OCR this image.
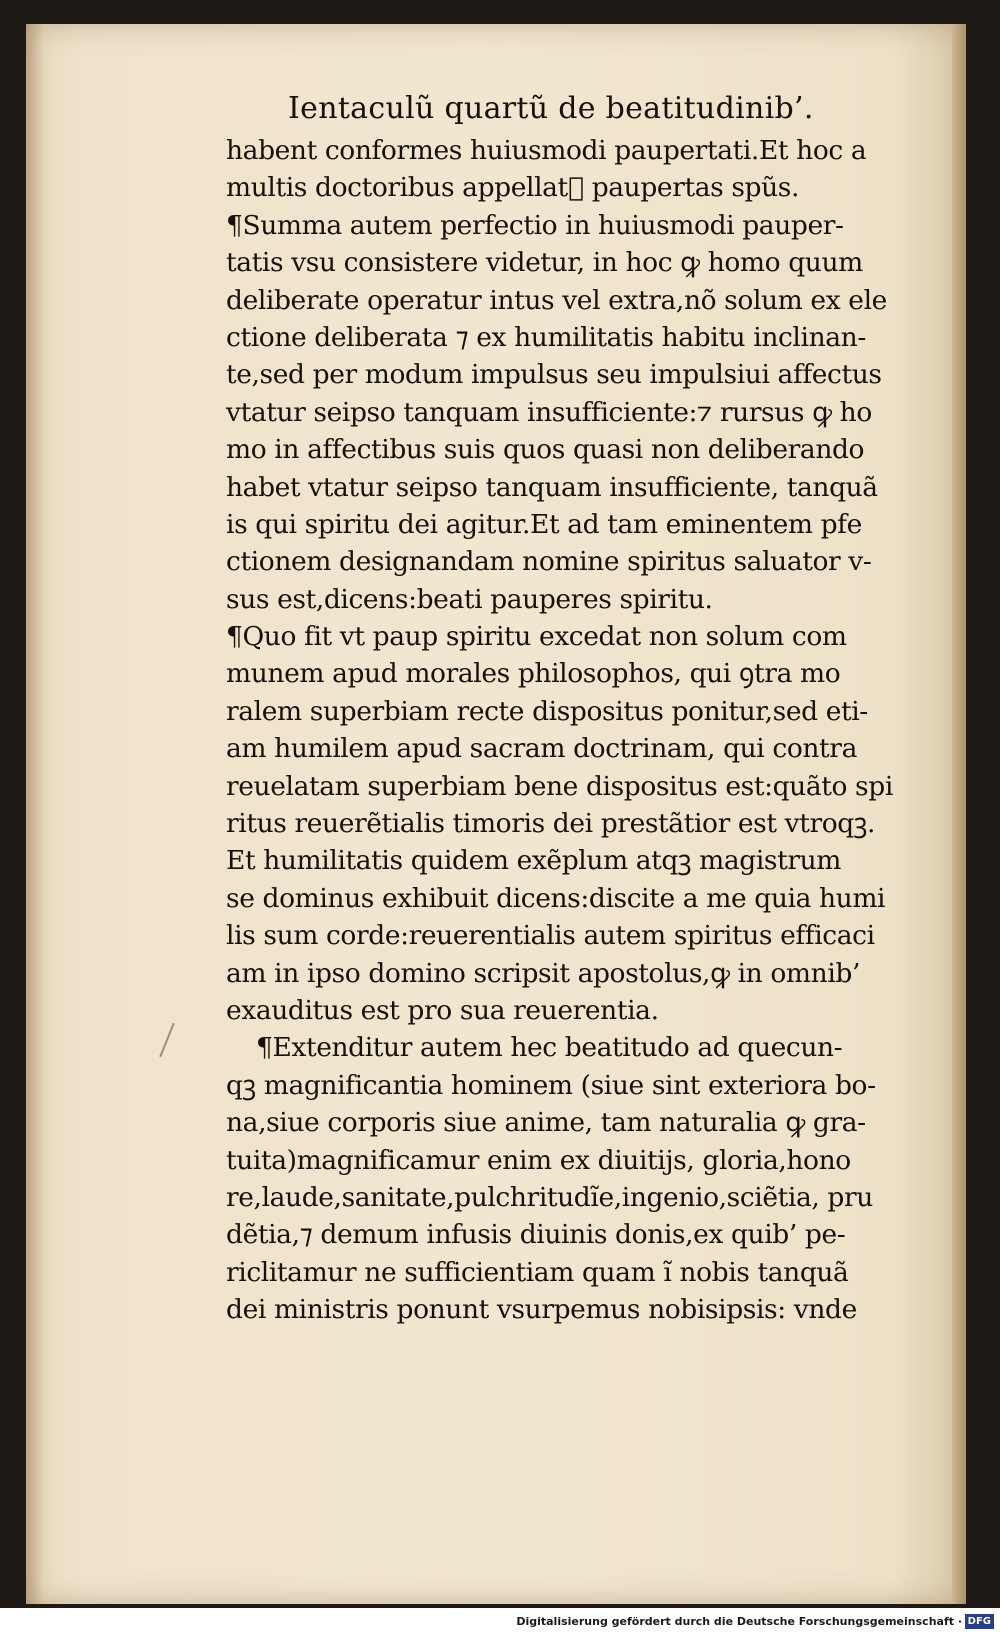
Ientaculũ quartũ de beatitudinib’.
habent conformes huiusmodi paupertati.Et hoc a
multis doctoribus appellatᷣ paupertas spũs.
¶Summa autem perfectio in huiusmodi pauper-
tatis vsu consistere videtur, in hoc ꝙ homo quum
deliberate operatur intus vel extra,nõ solum ex ele
ctione deliberata ⁊ ex humilitatis habitu inclinan-
te,sed per modum impulsus seu impulsiui affectus
vtatur seipso tanquam insufficiente:⁊ rursus ꝙ ho
mo in affectibus suis quos quasi non deliberando
habet vtatur seipso tanquam insufficiente, tanquã
is qui spiritu dei agitur.Et ad tam eminentem pfe
ctionem designandam nomine spiritus saluator v-
sus est,dicens:beati pauperes spiritu.
¶Quo fit vt paup spiritu excedat non solum com
munem apud morales philosophos, qui ꝯtra mo
ralem superbiam recte dispositus ponitur,sed eti-
am humilem apud sacram doctrinam, qui contra
reuelatam superbiam bene dispositus est:quãto spi
ritus reuerẽtialis timoris dei prestãtior est vtroqꝫ.
Et humilitatis quidem exẽplum atqꝫ magistrum
se dominus exhibuit dicens:discite a me quia humi
lis sum corde:reuerentialis autem spiritus efficaci
am in ipso domino scripsit apostolus,ꝙ in omnib’
exauditus est pro sua reuerentia.
¶Extenditur autem hec beatitudo ad quecun-
qꝫ magnificantia hominem (siue sint exteriora bo-
na,siue corporis siue anime, tam naturalia ꝙ gra-
tuita)magnificamur enim ex diuitijs, gloria,hono
re,laude,sanitate,pulchritudĩe,ingenio,sciẽtia, pru
dẽtia,⁊ demum infusis diuinis donis,ex quib’ pe-
riclitamur ne sufficientiam quam ĩ nobis tanquã
dei ministris ponunt vsurpemus nobisipsis: vnde
Digitalisierung gefördert durch die Deutsche Forschungsgemeinschaft · DFG
